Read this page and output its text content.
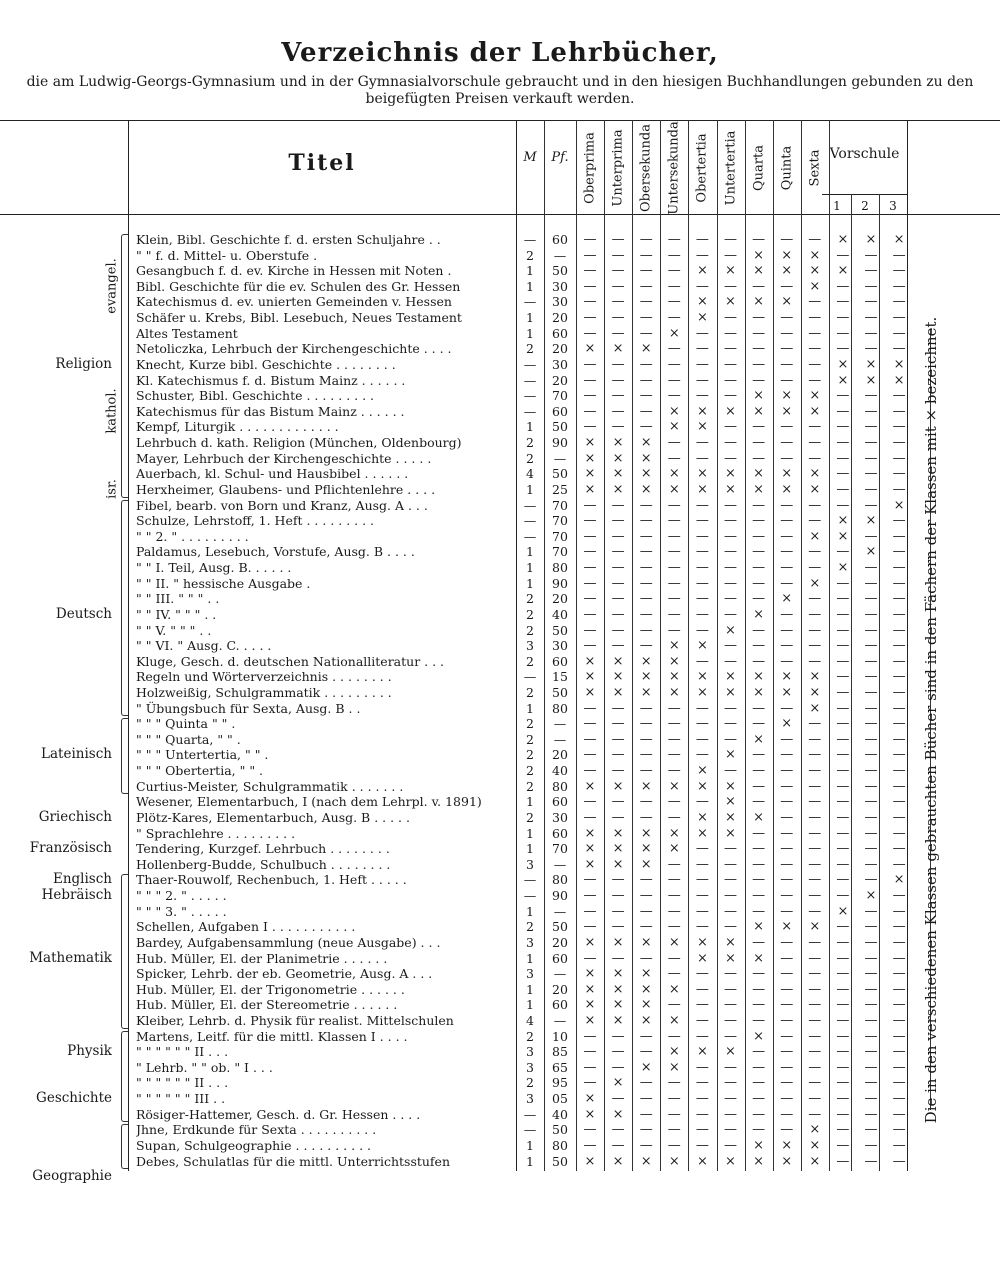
Verzeichnis der Lehrbücher,
die am Ludwig-Georgs-Gymnasium und in der Gymnasialvorschule gebraucht und in den hiesigen Buchhandlungen gebunden zu den beigefügten Preisen verkauft werden.
Titel	M	Pf.	Oberprima Unterprima Obersekunda Untersekunda Obertertia Untertertia Quarta Quinta Sexta Vorschule
1	2	3
Religion
Deutsch
Lateinisch
Griechisch
Französisch
Englisch
Hebräisch
Mathematik
Physik
Geschichte
Geographie
evangel.
kathol.
isr.
Klein, Bibl. Geschichte f. d. ersten Schuljahre . .	—	60	—	—	—	—	—	—	—	—	—	×	×	×
" " f. d. Mittel- u. Oberstufe .	2	—	—	—	—	—	—	—	×	×	×	—	—	—
Gesangbuch f. d. ev. Kirche in Hessen mit Noten .	1	50	—	—	—	—	×	×	×	×	×	×	—	—
Bibl. Geschichte für die ev. Schulen des Gr. Hessen	1	30	—	—	—	—	—	—	—	—	×	—	—	—
Katechismus d. ev. unierten Gemeinden v. Hessen	—	30	—	—	—	—	×	×	×	×	—	—	—	—
Schäfer u. Krebs, Bibl. Lesebuch, Neues Testament	1	20	—	—	—	—	×	—	—	—	—	—	—	—
Altes Testament	1	60	—	—	—	×	—	—	—	—	—	—	—	—
Netoliczka, Lehrbuch der Kirchengeschichte . . . .	2	20	×	×	×	—	—	—	—	—	—	—	—	—
Knecht, Kurze bibl. Geschichte . . . . . . . .	—	30	—	—	—	—	—	—	—	—	—	×	×	×
Kl. Katechismus f. d. Bistum Mainz . . . . . .	—	20	—	—	—	—	—	—	—	—	—	×	×	×
Schuster, Bibl. Geschichte . . . . . . . . .	—	70	—	—	—	—	—	—	×	×	×	—	—	—
Katechismus für das Bistum Mainz . . . . . .	—	60	—	—	—	×	×	×	×	×	×	—	—	—
Kempf, Liturgik . . . . . . . . . . . . .	1	50	—	—	—	×	×	—	—	—	—	—	—	—
Lehrbuch d. kath. Religion (München, Oldenbourg)	2	90	×	×	×	—	—	—	—	—	—	—	—	—
Mayer, Lehrbuch der Kirchengeschichte . . . . .	2	—	×	×	×	—	—	—	—	—	—	—	—	—
Auerbach, kl. Schul- und Hausbibel . . . . . .	4	50	×	×	×	×	×	×	×	×	×	—	—	—
Herxheimer, Glaubens- und Pflichtenlehre . . . .	1	25	×	×	×	×	×	×	×	×	×	—	—	—
Fibel, bearb. von Born und Kranz, Ausg. A . . .	—	70	—	—	—	—	—	—	—	—	—	—	—	×
Schulze, Lehrstoff, 1. Heft . . . . . . . . .	—	70	—	—	—	—	—	—	—	—	—	×	×	—
" " 2. " . . . . . . . . .	—	70	—	—	—	—	—	—	—	—	×	×	—	—
Paldamus, Lesebuch, Vorstufe, Ausg. B . . . .	1	70	—	—	—	—	—	—	—	—	—	—	×	—
" " I. Teil, Ausg. B. . . . . .	1	80	—	—	—	—	—	—	—	—	—	×	—	—
" " II. " hessische Ausgabe .	1	90	—	—	—	—	—	—	—	—	×	—	—	—
" " III. " " " . .	2	20	—	—	—	—	—	—	—	×	—	—	—	—
" " IV. " " " . .	2	40	—	—	—	—	—	—	×	—	—	—	—	—
" " V. " " " . .	2	50	—	—	—	—	—	×	—	—	—	—	—	—
" " VI. " Ausg. C. . . . .	3	30	—	—	—	×	×	—	—	—	—	—	—	—
Kluge, Gesch. d. deutschen Nationalliteratur . . .	2	60	×	×	×	×	—	—	—	—	—	—	—	—
Regeln und Wörterverzeichnis . . . . . . . .	—	15	×	×	×	×	×	×	×	×	×	—	—	—
Holzweißig, Schulgrammatik . . . . . . . . .	2	50	×	×	×	×	×	×	×	×	×	—	—	—
" Übungsbuch für Sexta, Ausg. B . .	1	80	—	—	—	—	—	—	—	—	×	—	—	—
" " " Quinta " " .	2	—	—	—	—	—	—	—	—	×	—	—	—	—
" " " Quarta, " " .	2	—	—	—	—	—	—	—	×	—	—	—	—	—
" " " Untertertia, " " .	2	20	—	—	—	—	—	×	—	—	—	—	—	—
" " " Obertertia, " " .	2	40	—	—	—	—	×	—	—	—	—	—	—	—
Curtius-Meister, Schulgrammatik . . . . . . .	2	80	×	×	×	×	×	×	—	—	—	—	—	—
Wesener, Elementarbuch, I (nach dem Lehrpl. v. 1891)	1	60	—	—	—	—	—	×	—	—	—	—	—	—
Plötz-Kares, Elementarbuch, Ausg. B . . . . .	2	30	—	—	—	—	×	×	×	—	—	—	—	—
" Sprachlehre . . . . . . . . .	1	60	×	×	×	×	×	×	—	—	—	—	—	—
Tendering, Kurzgef. Lehrbuch . . . . . . . .	1	70	×	×	×	×	—	—	—	—	—	—	—	—
Hollenberg-Budde, Schulbuch . . . . . . . .	3	—	×	×	×	—	—	—	—	—	—	—	—	—
Thaer-Rouwolf, Rechenbuch, 1. Heft . . . . .	—	80	—	—	—	—	—	—	—	—	—	—	—	×
" " " 2. " . . . . .	—	90	—	—	—	—	—	—	—	—	—	—	×	—
" " " 3. " . . . . .	1	—	—	—	—	—	—	—	—	—	—	×	—	—
Schellen, Aufgaben I . . . . . . . . . . .	2	50	—	—	—	—	—	—	×	×	×	—	—	—
Bardey, Aufgabensammlung (neue Ausgabe) . . .	3	20	×	×	×	×	×	×	—	—	—	—	—	—
Hub. Müller, El. der Planimetrie . . . . . .	1	60	—	—	—	—	×	×	×	—	—	—	—	—
Spicker, Lehrb. der eb. Geometrie, Ausg. A . . .	3	—	×	×	×	—	—	—	—	—	—	—	—	—
Hub. Müller, El. der Trigonometrie . . . . . .	1	20	×	×	×	×	—	—	—	—	—	—	—	—
Hub. Müller, El. der Stereometrie . . . . . .	1	60	×	×	×	—	—	—	—	—	—	—	—	—
Kleiber, Lehrb. d. Physik für realist. Mittelschulen	4	—	×	×	×	×	—	—	—	—	—	—	—	—
Martens, Leitf. für die mittl. Klassen I . . . .	2	10	—	—	—	—	—	—	×	—	—	—	—	—
" " " " " " II . . .	3	85	—	—	—	×	×	×	—	—	—	—	—	—
" Lehrb. " " ob. " I . . .	3	65	—	—	×	×	—	—	—	—	—	—	—	—
" " " " " " II . . .	2	95	—	×	—	—	—	—	—	—	—	—	—	—
" " " " " " III . .	3	05	×	—	—	—	—	—	—	—	—	—	—	—
Rösiger-Hattemer, Gesch. d. Gr. Hessen . . . .	—	40	×	×	—	—	—	—	—	—	—	—	—	—
Jhne, Erdkunde für Sexta . . . . . . . . . .	—	50	—	—	—	—	—	—	—	—	×	—	—	—
Supan, Schulgeographie . . . . . . . . . .	1	80	—	—	—	—	—	—	×	×	×	—	—	—
Debes, Schulatlas für die mittl. Unterrichtsstufen	1	50	×	×	×	×	×	×	×	×	×	—	—	—
Die in den verschiedenen Klassen gebrauchten Bücher sind in den Fächern der Klassen mit × bezeichnet.
